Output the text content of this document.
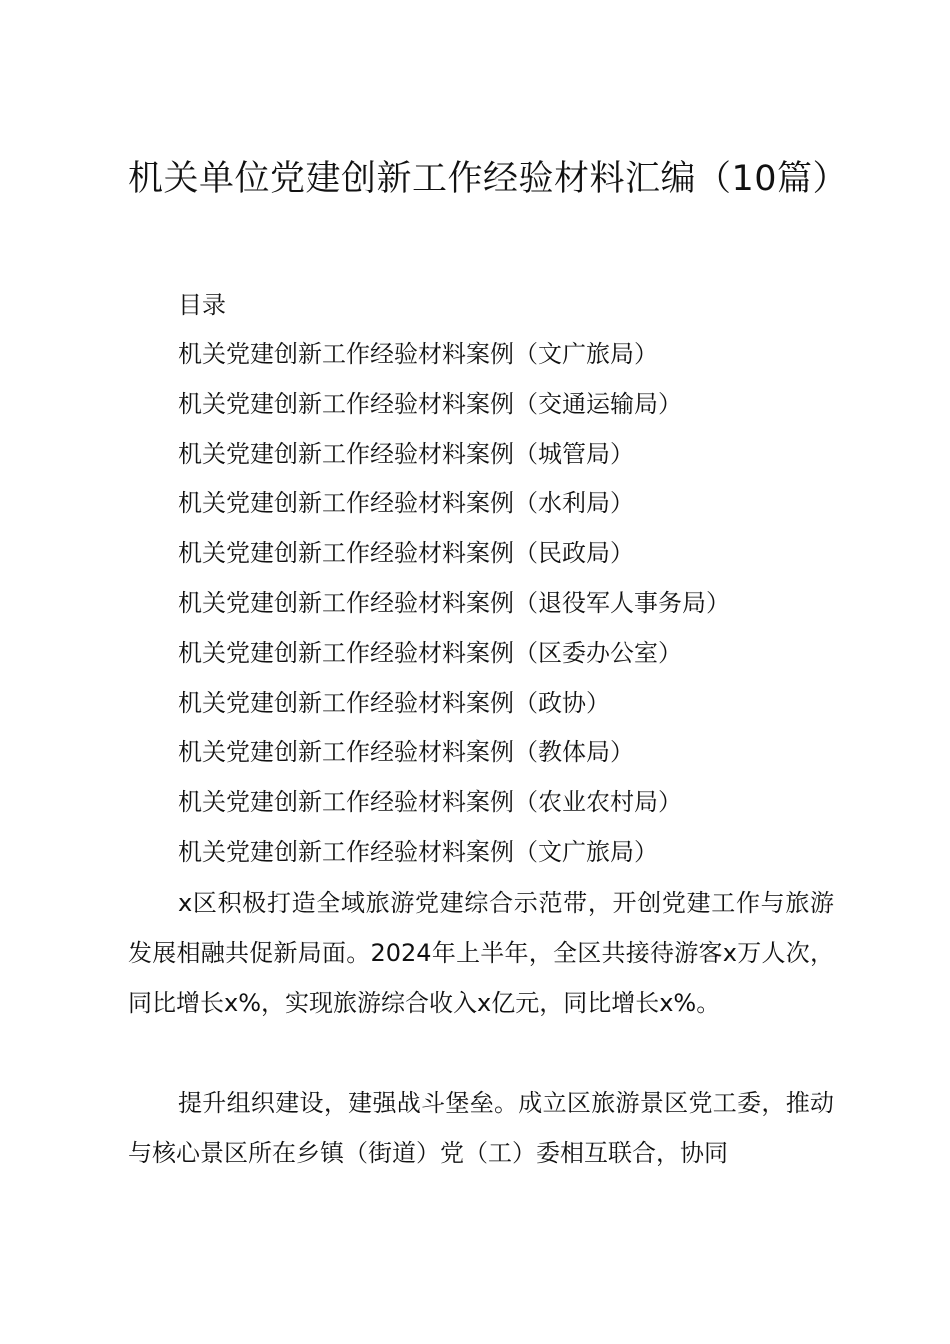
机关单位党建创新工作经验材料汇编（10篇）

目录

机关党建创新工作经验材料案例（文广旅局）
机关党建创新工作经验材料案例（交通运输局）
机关党建创新工作经验材料案例（城管局）
机关党建创新工作经验材料案例（水利局）
机关党建创新工作经验材料案例（民政局）
机关党建创新工作经验材料案例（退役军人事务局）
机关党建创新工作经验材料案例（区委办公室）
机关党建创新工作经验材料案例（政协）
机关党建创新工作经验材料案例（教体局）
机关党建创新工作经验材料案例（农业农村局）
机关党建创新工作经验材料案例（文广旅局）

x区积极打造全域旅游党建综合示范带，开创党建工作与旅游发展相融共促新局面。2024年上半年，全区共接待游客x万人次，同比增长x%，实现旅游综合收入x亿元，同比增长x%。

提升组织建设，建强战斗堡垒。成立区旅游景区党工委，推动与核心景区所在乡镇（街道）党（工）委相互联合，协同
